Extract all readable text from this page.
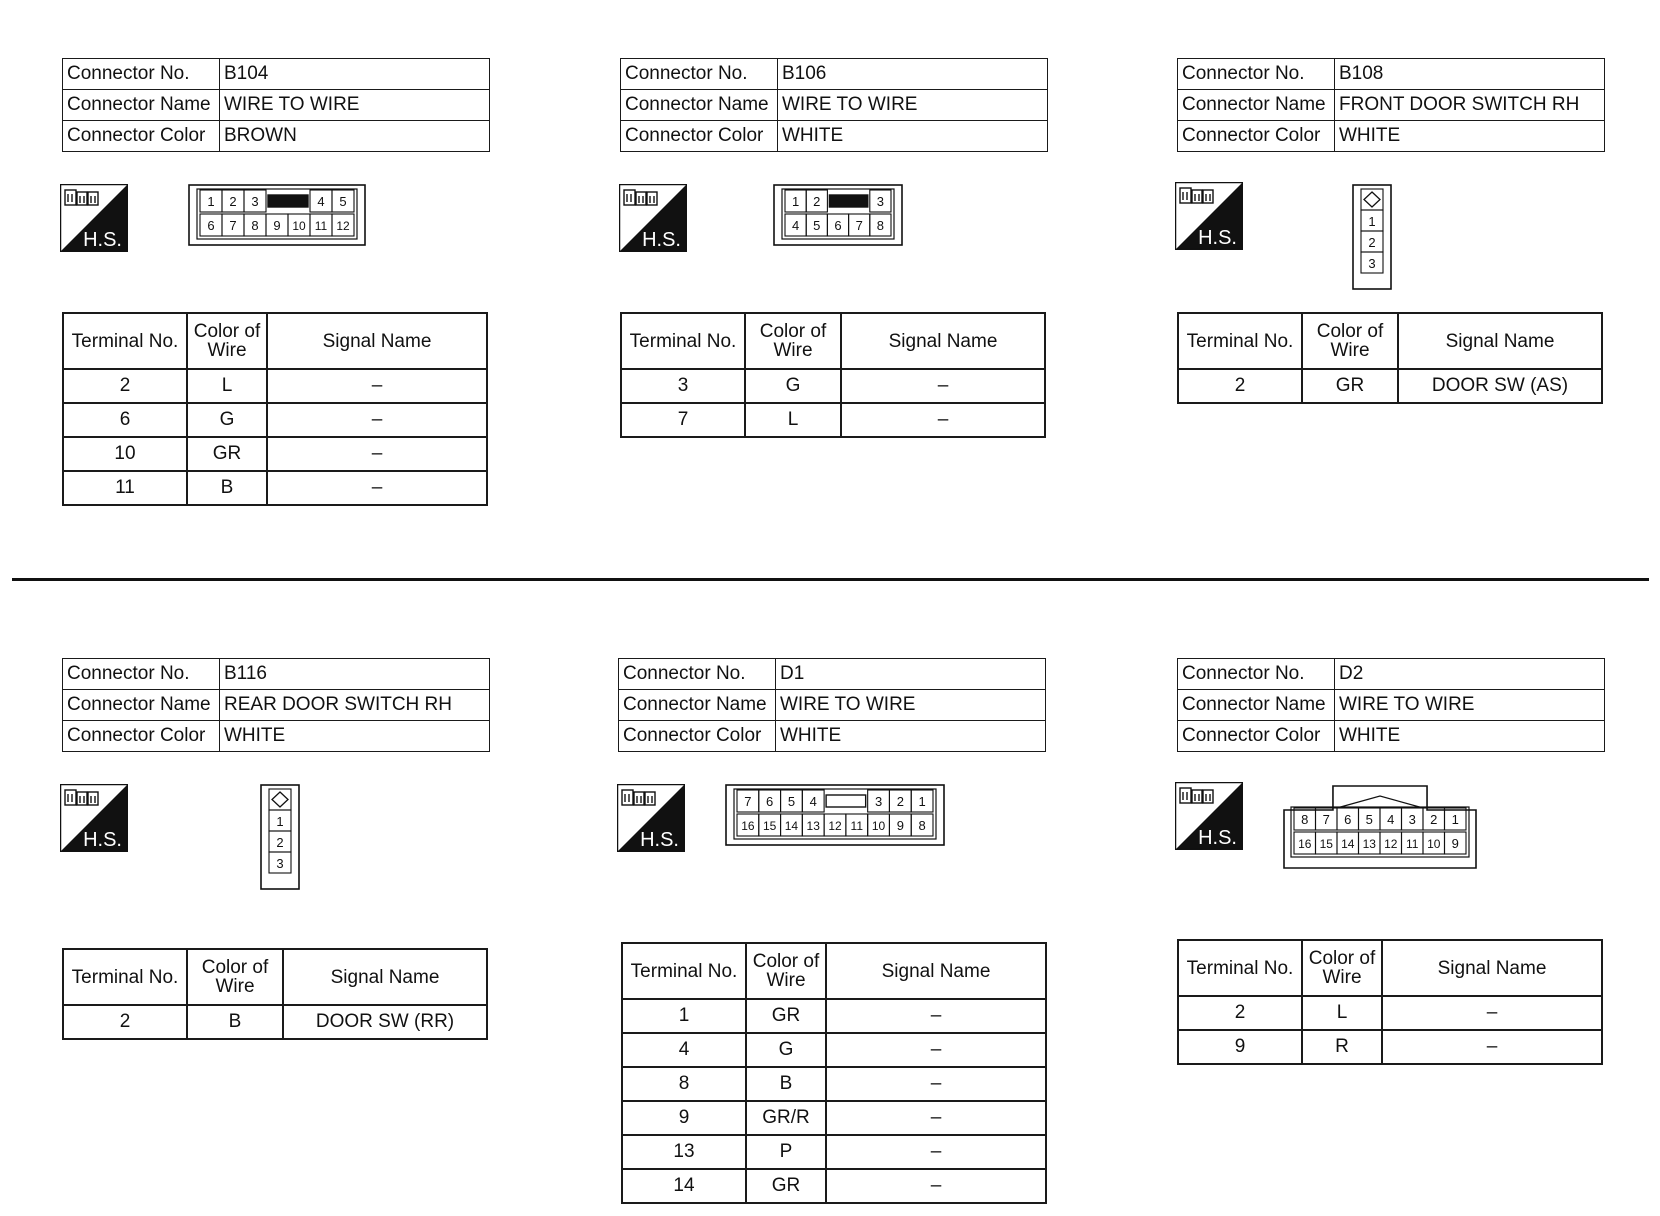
Connector No.	B104
Connector Name	WIRE TO WIRE
Connector Color	BROWN
H.S.
1 2 3	4 5
6 7 8 9 10 11 12
Terminal No.	Color of Wire	Signal Name
2	L	–
6	G	–
10	GR	–
11	B	–
Connector No.	B106
Connector Name	WIRE TO WIRE
Connector Color	WHITE
H.S.
1 2	3
4 5 6 7 8
Terminal No.	Color of Wire	Signal Name
3	G	–
7	L	–
Connector No.	B108
Connector Name	FRONT DOOR SWITCH RH
Connector Color	WHITE
H.S.
1
2
3
Terminal No.	Color of Wire	Signal Name
2	GR	DOOR SW (AS)
Connector No.	B116
Connector Name	REAR DOOR SWITCH RH
Connector Color	WHITE
H.S.
1
2
3
Terminal No.	Color of Wire	Signal Name
2	B	DOOR SW (RR)
Connector No.	D1
Connector Name	WIRE TO WIRE
Connector Color	WHITE
H.S.
7 6 5 4	3 2 1
16 15 14 13 12 11 10 9 8
Terminal No.	Color of Wire	Signal Name
1	GR	–
4	G	–
8	B	–
9	GR/R	–
13	P	–
14	GR	–
Connector No.	D2
Connector Name	WIRE TO WIRE
Connector Color	WHITE
H.S.
8 7 6 5 4 3 2 1
16 15 14 13 12 11 10 9
Terminal No.	Color of Wire	Signal Name
2	L	–
9	R	–
